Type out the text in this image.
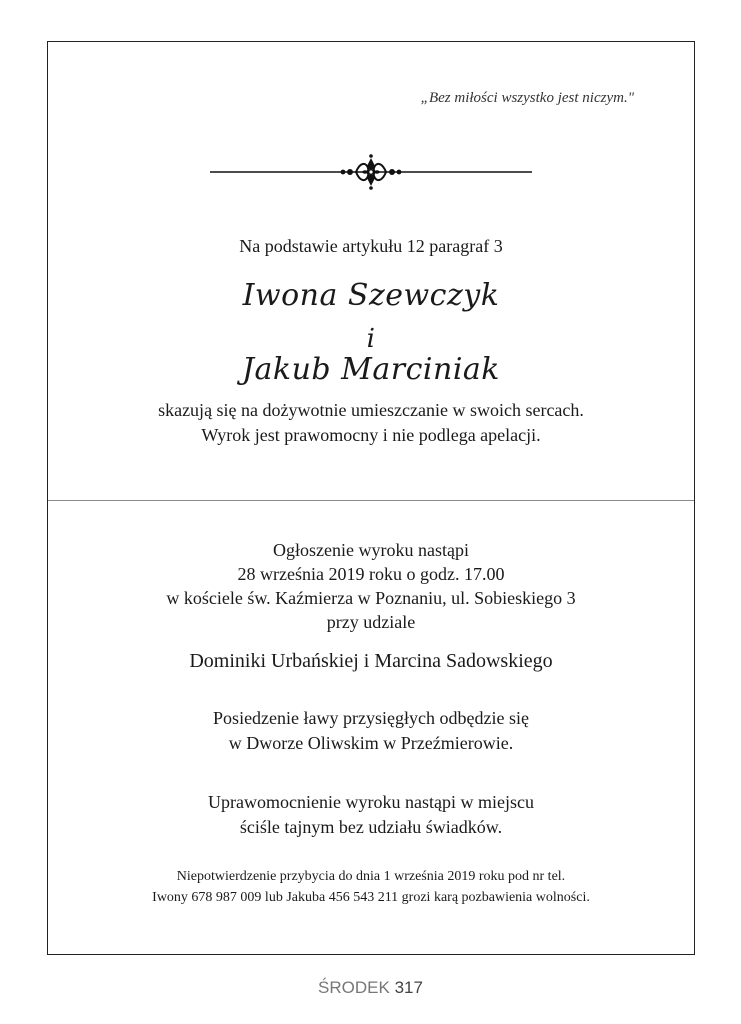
„Bez miłości wszystko jest niczym."
Na podstawie artykułu 12 paragraf 3
Iwona Szewczyk
i
Jakub Marciniak
skazują się na dożywotnie umieszczanie w swoich sercach.
Wyrok jest prawomocny i nie podlega apelacji.
Ogłoszenie wyroku nastąpi
28 września 2019 roku o godz. 17.00
w kościele św. Kaźmierza w Poznaniu, ul. Sobieskiego 3
przy udziale
Dominiki Urbańskiej i Marcina Sadowskiego
Posiedzenie ławy przysięgłych odbędzie się
w Dworze Oliwskim w Przeźmierowie.
Uprawomocnienie wyroku nastąpi w miejscu
ściśle tajnym bez udziału świadków.
Niepotwierdzenie przybycia do dnia 1 września 2019 roku pod nr tel.
Iwony 678 987 009 lub Jakuba 456 543 211 grozi karą pozbawienia wolności.
ŚRODEK 317
